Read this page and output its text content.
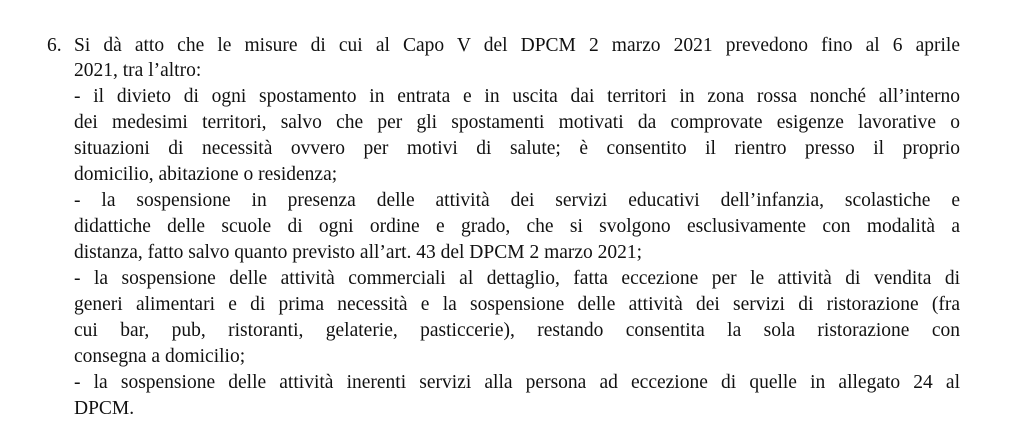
6. Si dà atto che le misure di cui al Capo V del DPCM 2 marzo 2021 prevedono fino al 6 aprile
2021, tra l’altro:
- il divieto di ogni spostamento in entrata e in uscita dai territori in zona rossa nonché all’interno
dei medesimi territori, salvo che per gli spostamenti motivati da comprovate esigenze lavorative o
situazioni di necessità ovvero per motivi di salute; è consentito il rientro presso il proprio
domicilio, abitazione o residenza;
- la sospensione in presenza delle attività dei servizi educativi dell’infanzia, scolastiche e
didattiche delle scuole di ogni ordine e grado, che si svolgono esclusivamente con modalità a
distanza, fatto salvo quanto previsto all’art. 43 del DPCM 2 marzo 2021;
- la sospensione delle attività commerciali al dettaglio, fatta eccezione per le attività di vendita di
generi alimentari e di prima necessità e la sospensione delle attività dei servizi di ristorazione (fra
cui bar, pub, ristoranti, gelaterie, pasticcerie), restando consentita la sola ristorazione con
consegna a domicilio;
- la sospensione delle attività inerenti servizi alla persona ad eccezione di quelle in allegato 24 al
DPCM.
